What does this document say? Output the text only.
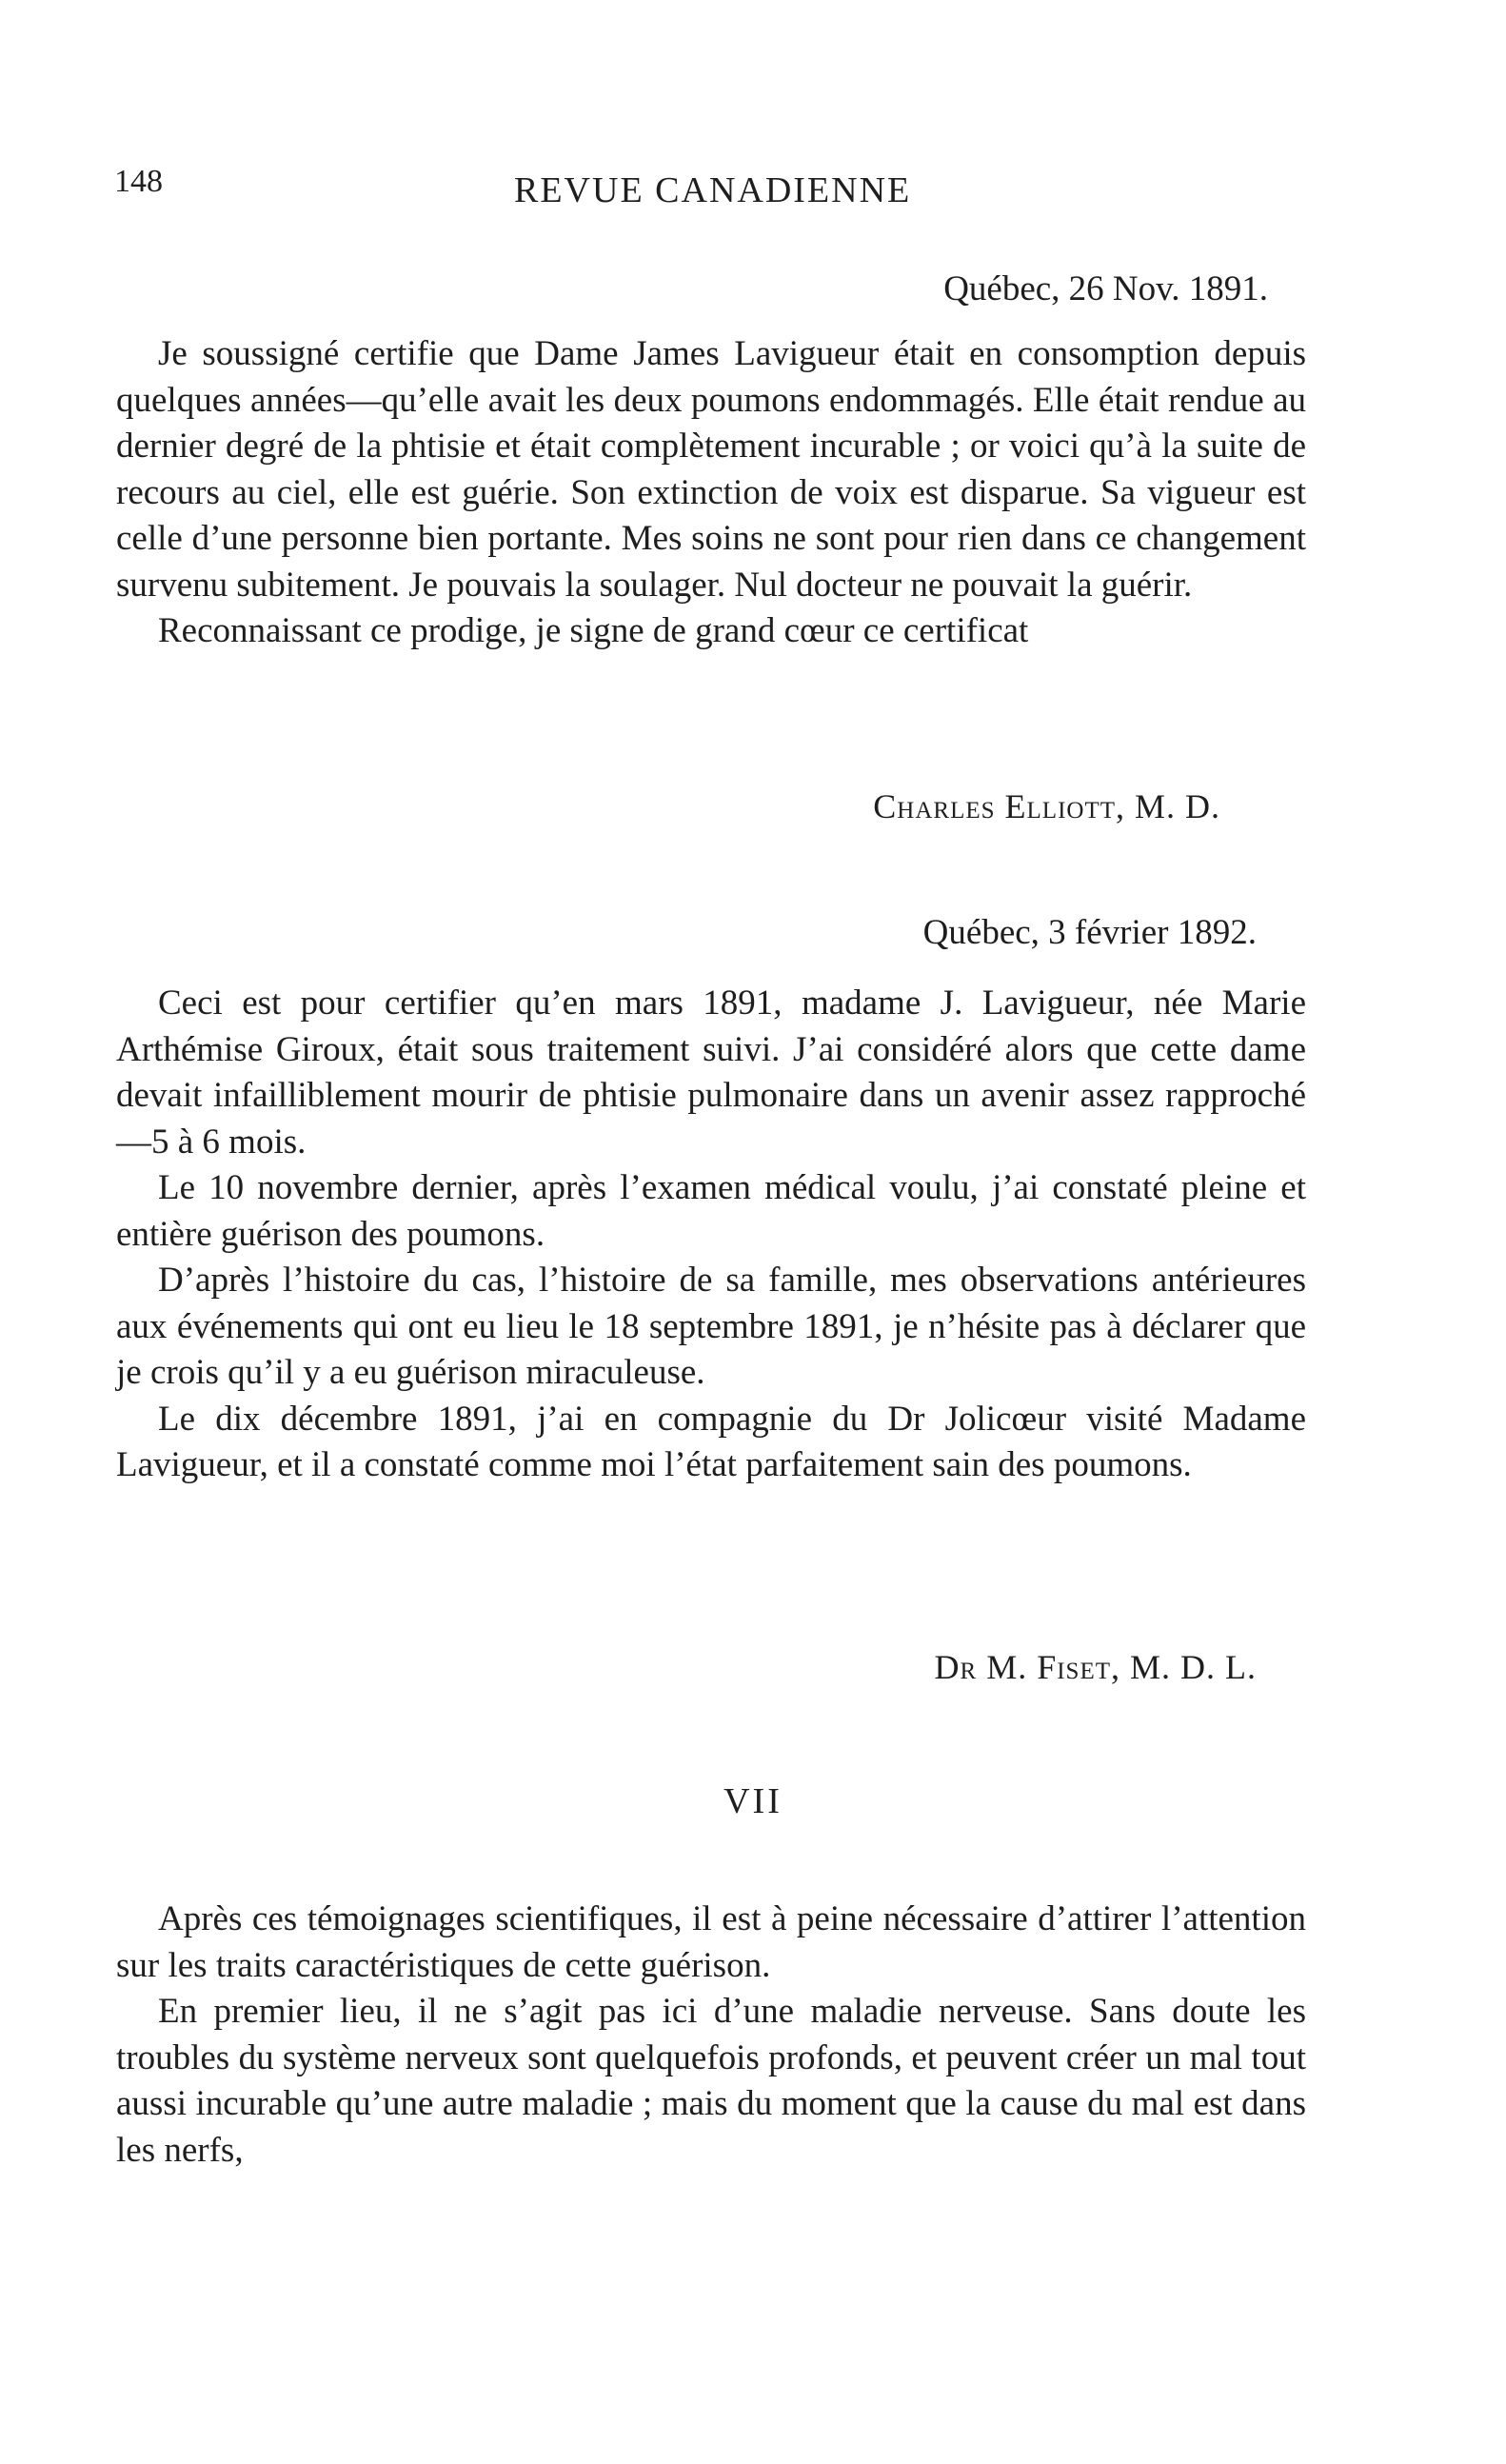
148	REVUE CANADIENNE
Québec, 26 Nov. 1891.

Je soussigné certifie que Dame James Lavigueur était en consomption depuis quelques années—qu’elle avait les deux poumons endommagés. Elle était rendue au dernier degré de la phtisie et était complètement incurable ; or voici qu’à la suite de recours au ciel, elle est guérie. Son extinction de voix est disparue. Sa vigueur est celle d’une personne bien portante. Mes soins ne sont pour rien dans ce changement survenu subitement. Je pouvais la soulager. Nul docteur ne pouvait la guérir.

Reconnaissant ce prodige, je signe de grand cœur ce certificat

Charles Elliott, M. D.
Québec, 3 février 1892.

Ceci est pour certifier qu’en mars 1891, madame J. Lavigueur, née Marie Arthémise Giroux, était sous traitement suivi. J’ai considéré alors que cette dame devait infailliblement mourir de phtisie pulmonaire dans un avenir assez rapproché—5 à 6 mois.

Le 10 novembre dernier, après l’examen médical voulu, j’ai constaté pleine et entière guérison des poumons.

D’après l’histoire du cas, l’histoire de sa famille, mes observations antérieures aux événements qui ont eu lieu le 18 septembre 1891, je n’hésite pas à déclarer que je crois qu’il y a eu guérison miraculeuse.

Le dix décembre 1891, j’ai en compagnie du Dr Jolicœur visité Madame Lavigueur, et il a constaté comme moi l’état parfaitement sain des poumons.

Dr M. Fiset, M. D. L.
VII

Après ces témoignages scientifiques, il est à peine nécessaire d’attirer l’attention sur les traits caractéristiques de cette guérison.

En premier lieu, il ne s’agit pas ici d’une maladie nerveuse. Sans doute les troubles du système nerveux sont quelquefois profonds, et peuvent créer un mal tout aussi incurable qu’une autre maladie ; mais du moment que la cause du mal est dans les nerfs,
